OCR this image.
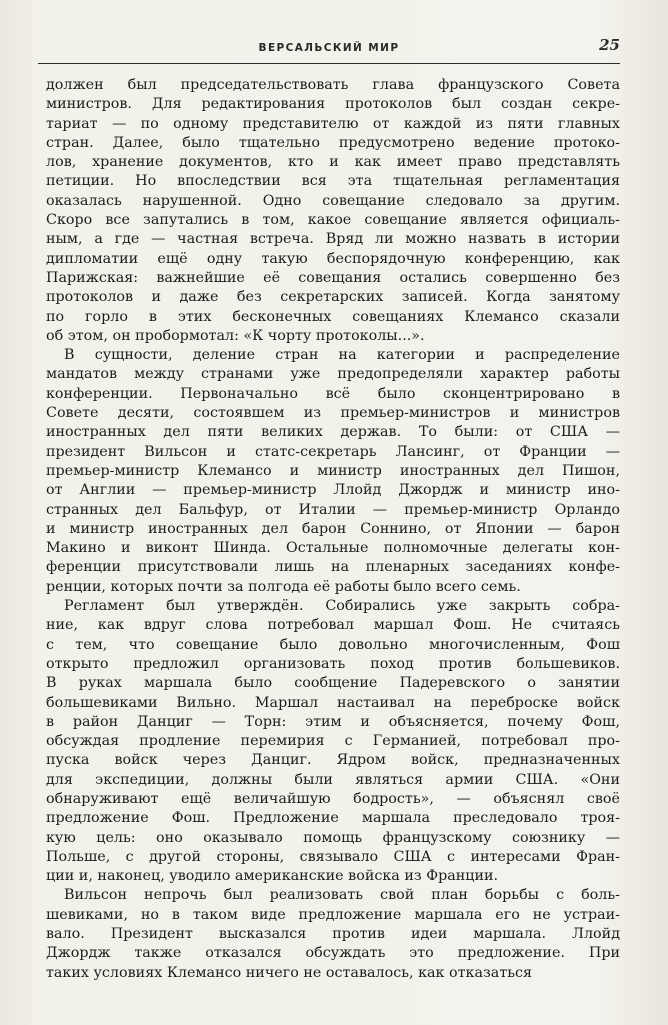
ВЕРСАЛЬСКИЙ МИР	25
должен был председательствовать глава французского Совета
министров. Для редактирования протоколов был создан секре-
тариат — по одному представителю от каждой из пяти главных
стран. Далее, было тщательно предусмотрено ведение протоко-
лов, хранение документов, кто и как имеет право представлять
петиции. Но впоследствии вся эта тщательная регламентация
оказалась нарушенной. Одно совещание следовало за другим.
Скоро все запутались в том, какое совещание является официаль-
ным, а где — частная встреча. Вряд ли можно назвать в истории
дипломатии ещё одну такую беспорядочную конференцию, как
Парижская: важнейшие её совещания остались совершенно без
протоколов и даже без секретарских записей. Когда занятому
по горло в этих бесконечных совещаниях Клемансо сказали
об этом, он пробормотал: «К чорту протоколы...».
В сущности, деление стран на категории и распределение
мандатов между странами уже предопределяли характер работы
конференции. Первоначально всё было сконцентрировано в
Совете десяти, состоявшем из премьер-министров и министров
иностранных дел пяти великих держав. То были: от США —
президент Вильсон и статс-секретарь Лансинг, от Франции —
премьер-министр Клемансо и министр иностранных дел Пишон,
от Англии — премьер-министр Ллойд Джордж и министр ино-
странных дел Бальфур, от Италии — премьер-министр Орландо
и министр иностранных дел барон Соннино, от Японии — барон
Макино и виконт Шинда. Остальные полномочные делегаты кон-
ференции присутствовали лишь на пленарных заседаниях конфе-
ренции, которых почти за полгода её работы было всего семь.
Регламент был утверждён. Собирались уже закрыть собра-
ние, как вдруг слова потребовал маршал Фош. Не считаясь
с тем, что совещание было довольно многочисленным, Фош
открыто предложил организовать поход против большевиков.
В руках маршала было сообщение Падеревского о занятии
большевиками Вильно. Маршал настаивал на переброске войск
в район Данциг — Торн: этим и объясняется, почему Фош,
обсуждая продление перемирия с Германией, потребовал про-
пуска войск через Данциг. Ядром войск, предназначенных
для экспедиции, должны были являться армии США. «Они
обнаруживают ещё величайшую бодрость», — объяснял своё
предложение Фош. Предложение маршала преследовало троя-
кую цель: оно оказывало помощь французскому союзнику —
Польше, с другой стороны, связывало США с интересами Фран-
ции и, наконец, уводило американские войска из Франции.
Вильсон непрочь был реализовать свой план борьбы с боль-
шевиками, но в таком виде предложение маршала его не устраи-
вало. Президент высказался против идеи маршала. Ллойд
Джордж также отказался обсуждать это предложение. При
таких условиях Клемансо ничего не оставалось, как отказаться
